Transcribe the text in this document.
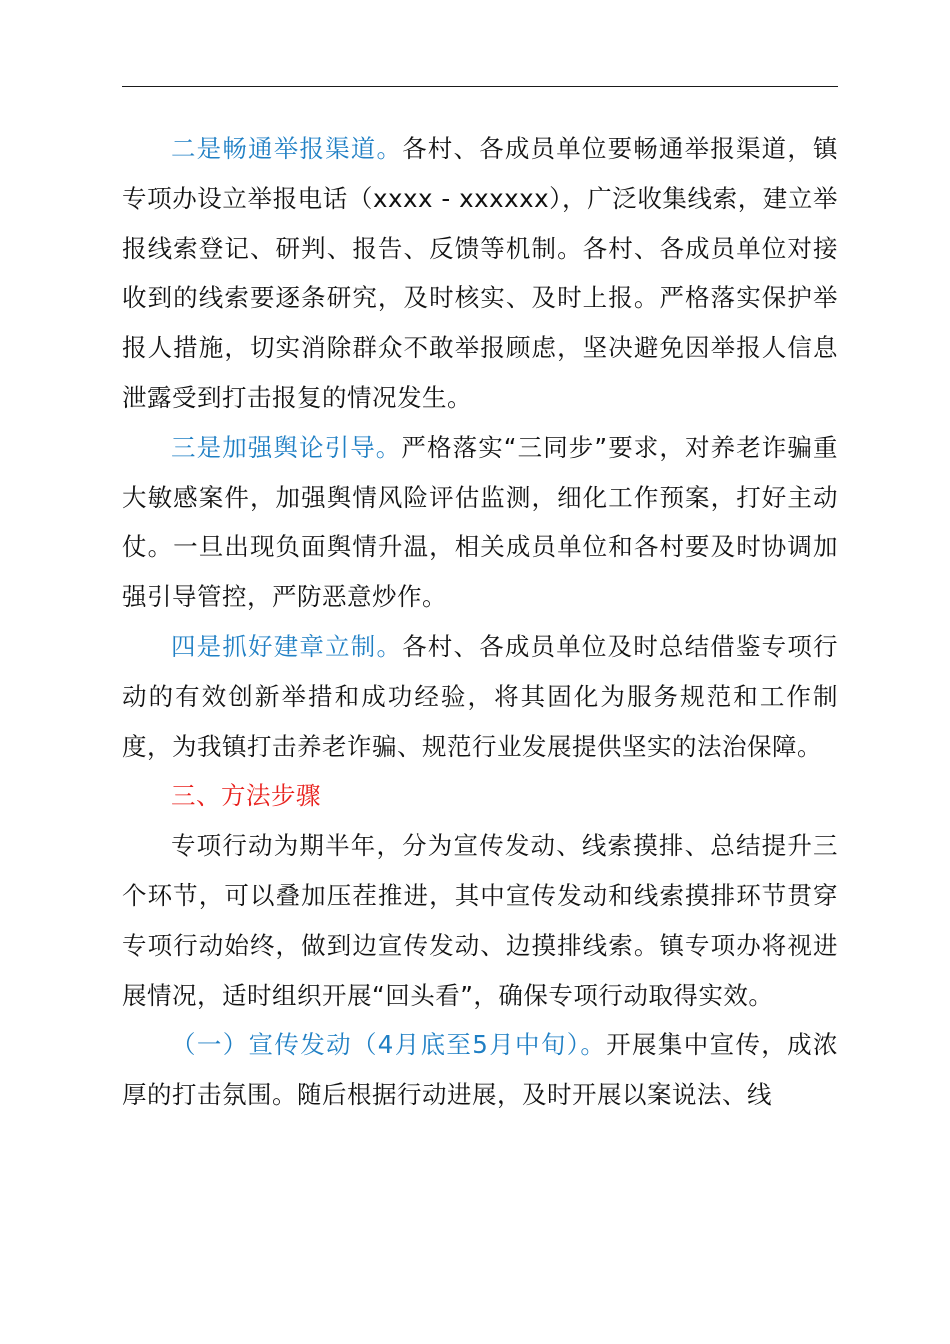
二是畅通举报渠道。各村、各成员单位要畅通举报渠道，镇专项办设立举报电话（xxxx - xxxxxx），广泛收集线索，建立举报线索登记、研判、报告、反馈等机制。各村、各成员单位对接收到的线索要逐条研究，及时核实、及时上报。严格落实保护举报人措施，切实消除群众不敢举报顾虑，坚决避免因举报人信息泄露受到打击报复的情况发生。

三是加强舆论引导。严格落实“三同步”要求，对养老诈骗重大敏感案件，加强舆情风险评估监测，细化工作预案，打好主动仗。一旦出现负面舆情升温，相关成员单位和各村要及时协调加强引导管控，严防恶意炒作。

四是抓好建章立制。各村、各成员单位及时总结借鉴专项行动的有效创新举措和成功经验，将其固化为服务规范和工作制度，为我镇打击养老诈骗、规范行业发展提供坚实的法治保障。

三、方法步骤

专项行动为期半年，分为宣传发动、线索摸排、总结提升三个环节，可以叠加压茬推进，其中宣传发动和线索摸排环节贯穿专项行动始终，做到边宣传发动、边摸排线索。镇专项办将视进展情况，适时组织开展“回头看”，确保专项行动取得实效。

（一）宣传发动（4月底至5月中旬）。开展集中宣传，成浓厚的打击氛围。随后根据行动进展，及时开展以案说法、线
